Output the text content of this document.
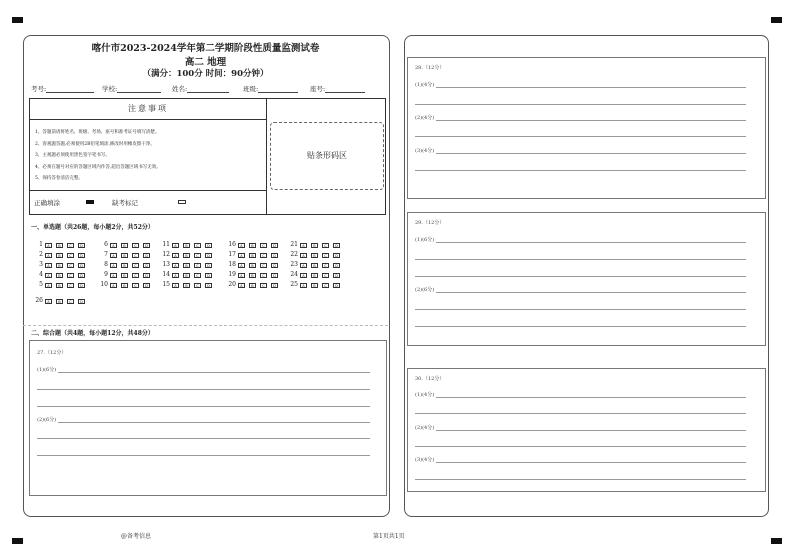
喀什市2023-2024学年第二学期阶段性质量监测试卷
高二 地理
（满分：100分 时间：90分钟）
考号:	学校:	姓名:	班级:	座号:
注意事项
1、答题前请将姓名、班级、考场、座号和准考证号填写清楚。
2、客观题答题,必须使用2B铅笔填涂,修改时用橡皮擦干净。
3、主观题必须使用黑色签字笔书写。
4、必须在题号对应的答题区域内作答,超出答题区域书写无效。
5、保持答卷清洁完整。
正确填涂	缺考标记
贴条形码区
一、单选题（共26题，每小题2分，共52分）
1	A	B	C	D
2	A	B	C	D
3	A	B	C	D
4	A	B	C	D
5	A	B	C	D
6	A	B	C	D
7	A	B	C	D
8	A	B	C	D
9	A	B	C	D
10	A	B	C	D
11	A	B	C	D
12	A	B	C	D
13	A	B	C	D
14	A	B	C	D
15	A	B	C	D
16	A	B	C	D
17	A	B	C	D
18	A	B	C	D
19	A	B	C	D
20	A	B	C	D
21	A	B	C	D
22	A	B	C	D
23	A	B	C	D
24	A	B	C	D
25	A	B	C	D
26	A	B	C	D
二、综合题（共4题，每小题12分，共48分）
27.（12分）
(1)(6分)
(2)(6分)
28.（12分）
(1)(4分)
(2)(4分)
(3)(4分)
29.（12分）
(1)(6分)
(2)(6分)
30.（12分）
(1)(4分)
(2)(4分)
(3)(4分)
@备考信息	第1页共1页
